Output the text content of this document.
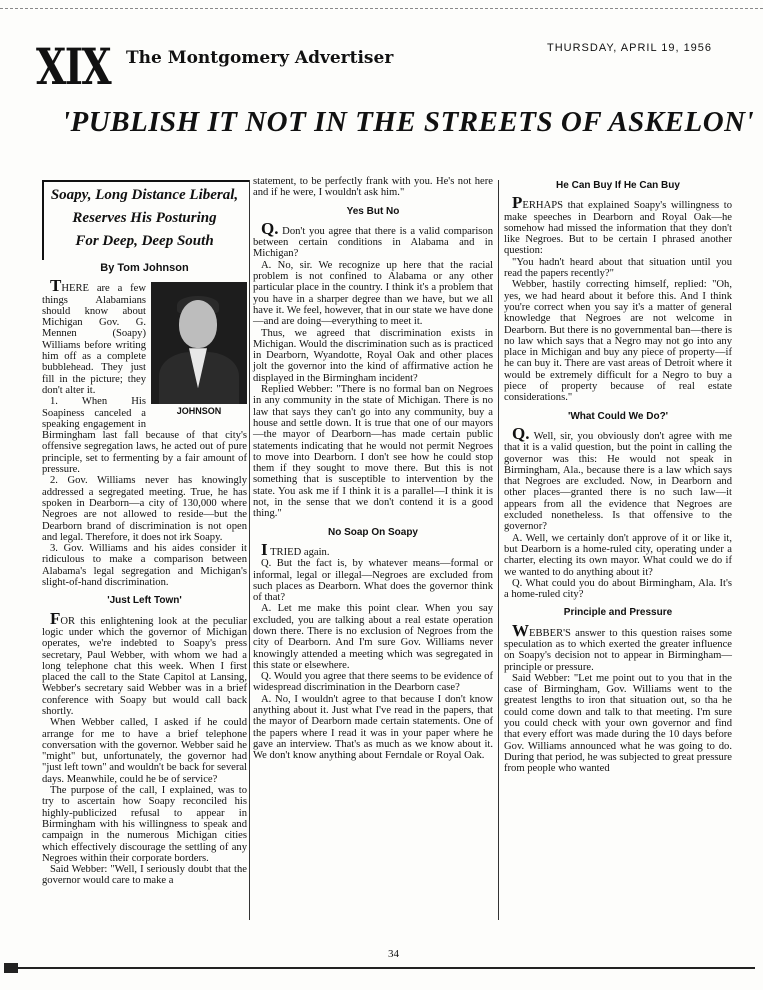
XIX The Montgomery Advertiser	THURSDAY, APRIL 19, 1956
'PUBLISH IT NOT IN THE STREETS OF ASKELON'
Soapy, Long Distance Liberal,
Reserves His Posturing
For Deep, Deep South
By Tom Johnson
JOHNSON

THERE are a few things Alabamians should know about Michigan Gov. G. Mennen (Soapy) Williams before writing him off as a complete bubblehead. They just fill in the picture; they don't alter it.

1. When His Soapiness canceled a speaking engagement in Birmingham last fall because of that city's offensive segregation laws, he acted out of pure principle, set to fermenting by a fair amount of pressure.

2. Gov. Williams never has knowingly addressed a segregated meeting. True, he has spoken in Dearborn—a city of 130,000 where Negroes are not allowed to reside—but the Dearborn brand of discrimination is not open and legal. Therefore, it does not irk Soapy.

3. Gov. Williams and his aides consider it ridiculous to make a comparison between Alabama's legal segregation and Michigan's slight-of-hand discrimination.

'Just Left Town'

FOR this enlightening look at the peculiar logic under which the governor of Michigan operates, we're indebted to Soapy's press secretary, Paul Webber, with whom we had a long telephone chat this week. When I first placed the call to the State Capitol at Lansing, Webber's secretary said Webber was in a brief conference with Soapy but would call back shortly.

When Webber called, I asked if he could arrange for me to have a brief telephone conversation with the governor. Webber said he "might" but, unfortunately, the governor had "just left town" and wouldn't be back for several days. Meanwhile, could he be of service?

The purpose of the call, I explained, was to try to ascertain how Soapy reconciled his highly-publicized refusal to appear in Birmingham with his willingness to speak and campaign in the numerous Michigan cities which effectively discourage the settling of any Negroes within their corporate borders.

Said Webber: "Well, I seriously doubt that the governor would care to make a

statement, to be perfectly frank with you. He's not here and if he were, I wouldn't ask him."

Yes But No

Q. Don't you agree that there is a valid comparison between certain conditions in Alabama and in Michigan?

A. No, sir. We recognize up here that the racial problem is not confined to Alabama or any other particular place in the country. I think it's a problem that you have in a sharper degree than we have, but we all have it. We feel, however, that in our state we have done—and are doing—everything to meet it.

Thus, we agreed that discrimination exists in Michigan. Would the discrimination such as is practiced in Dearborn, Wyandotte, Royal Oak and other places jolt the governor into the kind of affirmative action he displayed in the Birmingham incident?

Replied Webber: "There is no formal ban on Negroes in any community in the state of Michigan. There is no law that says they can't go into any community, buy a house and settle down. It is true that one of our mayors—the mayor of Dearborn—has made certain public statements indicating that he would not permit Negroes to move into Dearborn. I don't see how he could stop them if they sought to move there. But this is not something that is susceptible to intervention by the state. You ask me if I think it is a parallel—I think it is not, in the sense that we don't contend it is a good thing."

No Soap On Soapy

I TRIED again.

Q. But the fact is, by whatever means—formal or informal, legal or illegal—Negroes are excluded from such places as Dearborn. What does the governor think of that?

A. Let me make this point clear. When you say excluded, you are talking about a real estate operation down there. There is no exclusion of Negroes from the city of Dearborn. And I'm sure Gov. Williams never knowingly attended a meeting which was segregated in this state or elsewhere.

Q. Would you agree that there seems to be evidence of widespread discrimination in the Dearborn case?

A. No, I wouldn't agree to that because I don't know anything about it. Just what I've read in the papers, that the mayor of Dearborn made certain statements. One of the papers where I read it was in your paper where he gave an interview. That's as much as we know about it. We don't know anything about Ferndale or Royal Oak.

He Can Buy If He Can Buy

PERHAPS that explained Soapy's willingness to make speeches in Dearborn and Royal Oak—he somehow had missed the information that they don't like Negroes. But to be certain I phrased another question:

"You hadn't heard about that situation until you read the papers recently?"

Webber, hastily correcting himself, replied: "Oh, yes, we had heard about it before this. And I think you're correct when you say it's a matter of general knowledge that Negroes are not welcome in Dearborn. But there is no governmental ban—there is no law which says that a Negro may not go into any place in Michigan and buy any piece of property—if he can buy it. There are vast areas of Detroit where it would be extremely difficult for a Negro to buy a piece of property because of real estate considerations."

'What Could We Do?'

Q. Well, sir, you obviously don't agree with me that it is a valid question, but the point in calling the governor was this: He would not speak in Birmingham, Ala., because there is a law which says that Negroes are excluded. Now, in Dearborn and other places—granted there is no such law—it appears from all the evidence that Negroes are excluded nonetheless. Is that offensive to the governor?

A. Well, we certainly don't approve of it or like it, but Dearborn is a home-ruled city, operating under a charter, electing its own mayor. What could we do if we wanted to do anything about it?

Q. What could you do about Birmingham, Ala. It's a home-ruled city?

Principle and Pressure

WEBBER'S answer to this question raises some speculation as to which exerted the greater influence on Soapy's decision not to appear in Birmingham—principle or pressure.

Said Webber: "Let me point out to you that in the case of Birmingham, Gov. Williams went to the greatest lengths to iron that situation out, so tha he could come down and talk to that meeting. I'm sure you could check with your own governor and find that every effort was made during the 10 days before Gov. Williams announced what he was going to do. During that period, he was subjected to great pressure from people who wanted

34
